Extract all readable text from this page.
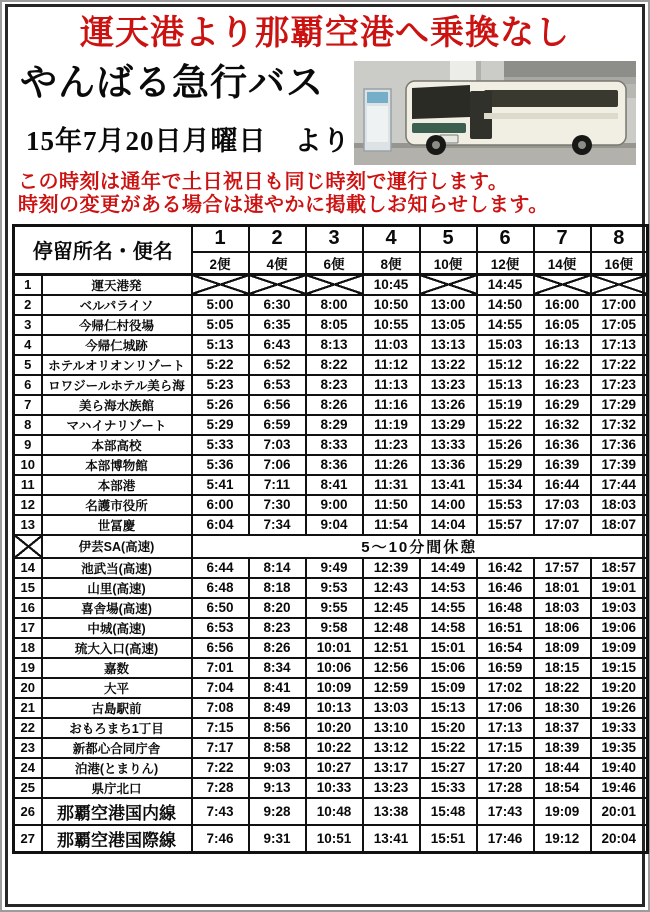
運天港より那覇空港へ乗換なし
やんばる急行バス
15年7月20日月曜日　より
この時刻は通年で土日祝日も同じ時刻で運行します。
時刻の変更がある場合は速やかに掲載しお知らせします。
停留所名・便名		1	2	3	4	5	6	7	8
		2便	4便	6便	8便	10便	12便	14便	16便
1	運天港発				10:45		14:45		
2	ベルパライソ	5:00	6:30	8:00	10:50	13:00	14:50	16:00	17:00
3	今帰仁村役場	5:05	6:35	8:05	10:55	13:05	14:55	16:05	17:05
4	今帰仁城跡	5:13	6:43	8:13	11:03	13:13	15:03	16:13	17:13
5	ホテルオリオンリゾート	5:22	6:52	8:22	11:12	13:22	15:12	16:22	17:22
6	ロワジールホテル美ら海	5:23	6:53	8:23	11:13	13:23	15:13	16:23	17:23
7	美ら海水族館	5:26	6:56	8:26	11:16	13:26	15:19	16:29	17:29
8	マハイナリゾート	5:29	6:59	8:29	11:19	13:29	15:22	16:32	17:32
9	本部高校	5:33	7:03	8:33	11:23	13:33	15:26	16:36	17:36
10	本部博物館	5:36	7:06	8:36	11:26	13:36	15:29	16:39	17:39
11	本部港	5:41	7:11	8:41	11:31	13:41	15:34	16:44	17:44
12	名護市役所	6:00	7:30	9:00	11:50	14:00	15:53	17:03	18:03
13	世冨慶	6:04	7:34	9:04	11:54	14:04	15:57	17:07	18:07
	伊芸SA(高速)	5～10分間休憩							
14	池武当(高速)	6:44	8:14	9:49	12:39	14:49	16:42	17:57	18:57
15	山里(高速)	6:48	8:18	9:53	12:43	14:53	16:46	18:01	19:01
16	喜舎場(高速)	6:50	8:20	9:55	12:45	14:55	16:48	18:03	19:03
17	中城(高速)	6:53	8:23	9:58	12:48	14:58	16:51	18:06	19:06
18	琉大入口(高速)	6:56	8:26	10:01	12:51	15:01	16:54	18:09	19:09
19	嘉数	7:01	8:34	10:06	12:56	15:06	16:59	18:15	19:15
20	大平	7:04	8:41	10:09	12:59	15:09	17:02	18:22	19:20
21	古島駅前	7:08	8:49	10:13	13:03	15:13	17:06	18:30	19:26
22	おもろまち1丁目	7:15	8:56	10:20	13:10	15:20	17:13	18:37	19:33
23	新都心合同庁舎	7:17	8:58	10:22	13:12	15:22	17:15	18:39	19:35
24	泊港(とまりん)	7:22	9:03	10:27	13:17	15:27	17:20	18:44	19:40
25	県庁北口	7:28	9:13	10:33	13:23	15:33	17:28	18:54	19:46
26	那覇空港国内線	7:43	9:28	10:48	13:38	15:48	17:43	19:09	20:01
27	那覇空港国際線	7:46	9:31	10:51	13:41	15:51	17:46	19:12	20:04
